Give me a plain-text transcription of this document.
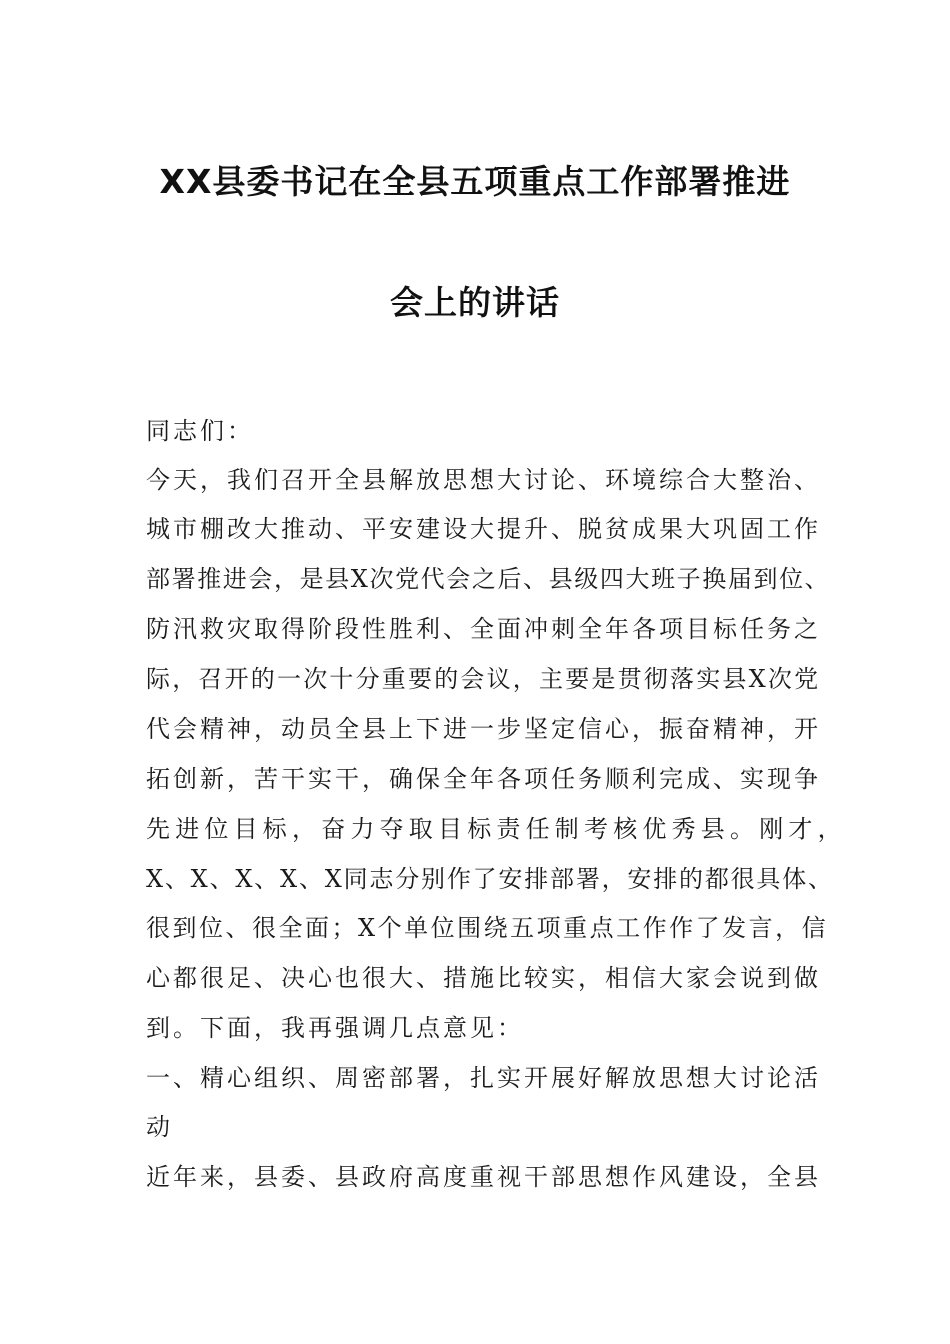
XX县委书记在全县五项重点工作部署推进
会上的讲话
同志们：
今天，我们召开全县解放思想大讨论、环境综合大整治、
城市棚改大推动、平安建设大提升、脱贫成果大巩固工作
部署推进会，是县X次党代会之后、县级四大班子换届到位、
防汛救灾取得阶段性胜利、全面冲刺全年各项目标任务之
际，召开的一次十分重要的会议，主要是贯彻落实县X次党
代会精神，动员全县上下进一步坚定信心，振奋精神，开
拓创新，苦干实干，确保全年各项任务顺利完成、实现争
先进位目标，奋力夺取目标责任制考核优秀县。刚才，
X、X、X、X、X同志分别作了安排部署，安排的都很具体、
很到位、很全面；X个单位围绕五项重点工作作了发言，信
心都很足、决心也很大、措施比较实，相信大家会说到做
到。下面，我再强调几点意见：
一、精心组织、周密部署，扎实开展好解放思想大讨论活
动
近年来，县委、县政府高度重视干部思想作风建设，全县
